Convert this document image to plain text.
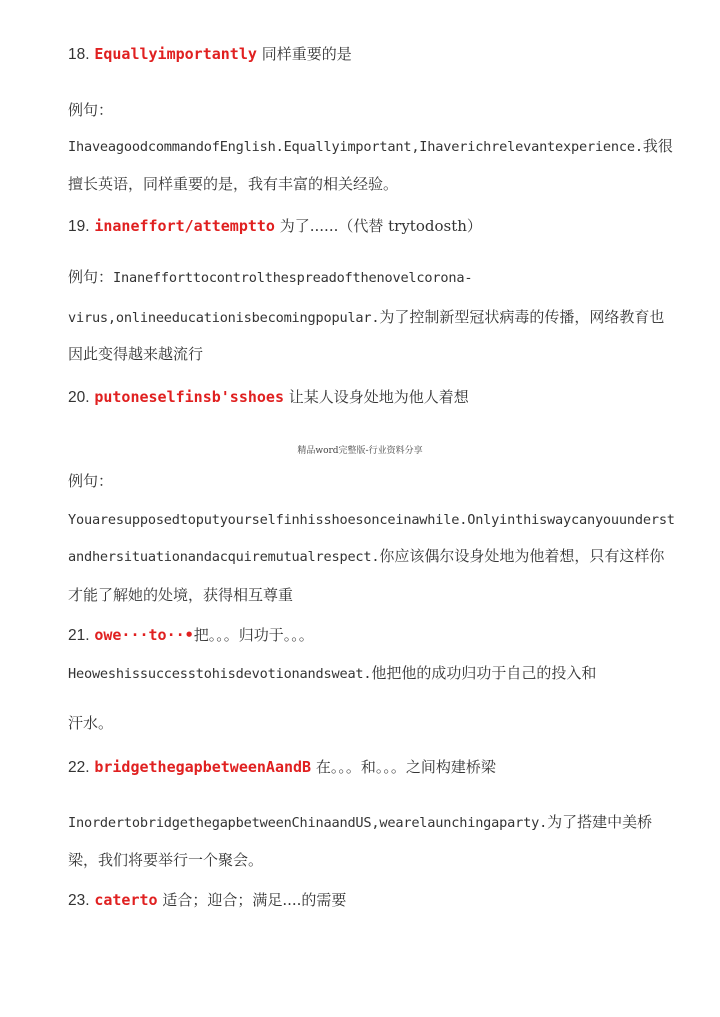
18. Equallyimportantly 同样重要的是
例句：
IhaveagoodcommandofEnglish.Equallyimportant,Ihaverichrelevantexperience.我很
擅长英语，同样重要的是，我有丰富的相关经验。
19. inaneffort/attemptto 为了......（代替 trytodosth）
例句：Inanefforttocontrolthespreadofthenovelcorona-
virus,onlineeducationisbecomingpopular.为了控制新型冠状病毒的传播，网络教育也
因此变得越来越流行
20. putoneselfinsb'sshoes 让某人设身处地为他人着想
精品word完整版-行业资料分享
例句：
Youaresupposedtoputyourselfinhisshoesonceinawhile.Onlyinthiswaycanyouunderst
andhersituationandacquiremutualrespect.你应该偶尔设身处地为他着想，只有这样你
才能了解她的处境，获得相互尊重
21. owe···to··•把。。。归功于。。。
Heoweshissuccesstohisdevotionandsweat.他把他的成功归功于自己的投入和
汗水。
22. bridgethegapbetweenAandB 在。。。和。。。之间构建桥梁
InordertobridgethegapbetweenChinaandUS,wearelaunchingaparty.为了搭建中美桥
梁，我们将要举行一个聚会。
23. caterto 适合；迎合；满足....的需要
